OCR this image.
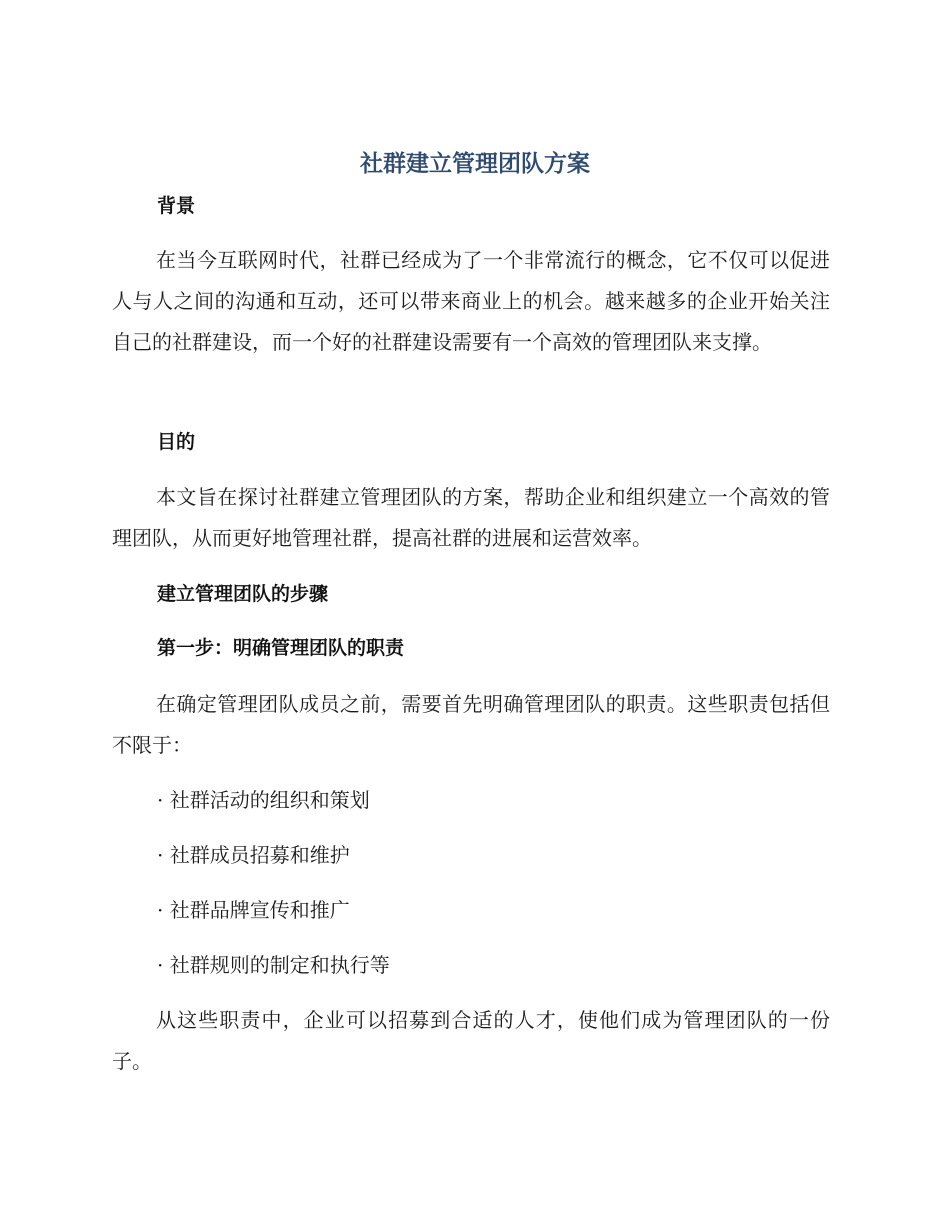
社群建立管理团队方案
背景
在当今互联网时代，社群已经成为了一个非常流行的概念，它不仅可以促进人与人之间的沟通和互动，还可以带来商业上的机会。越来越多的企业开始关注自己的社群建设，而一个好的社群建设需要有一个高效的管理团队来支撑。
目的
本文旨在探讨社群建立管理团队的方案，帮助企业和组织建立一个高效的管理团队，从而更好地管理社群，提高社群的进展和运营效率。
建立管理团队的步骤
第一步：明确管理团队的职责
在确定管理团队成员之前，需要首先明确管理团队的职责。这些职责包括但不限于：
· 社群活动的组织和策划
· 社群成员招募和维护
· 社群品牌宣传和推广
· 社群规则的制定和执行等
从这些职责中，企业可以招募到合适的人才，使他们成为管理团队的一份子。
